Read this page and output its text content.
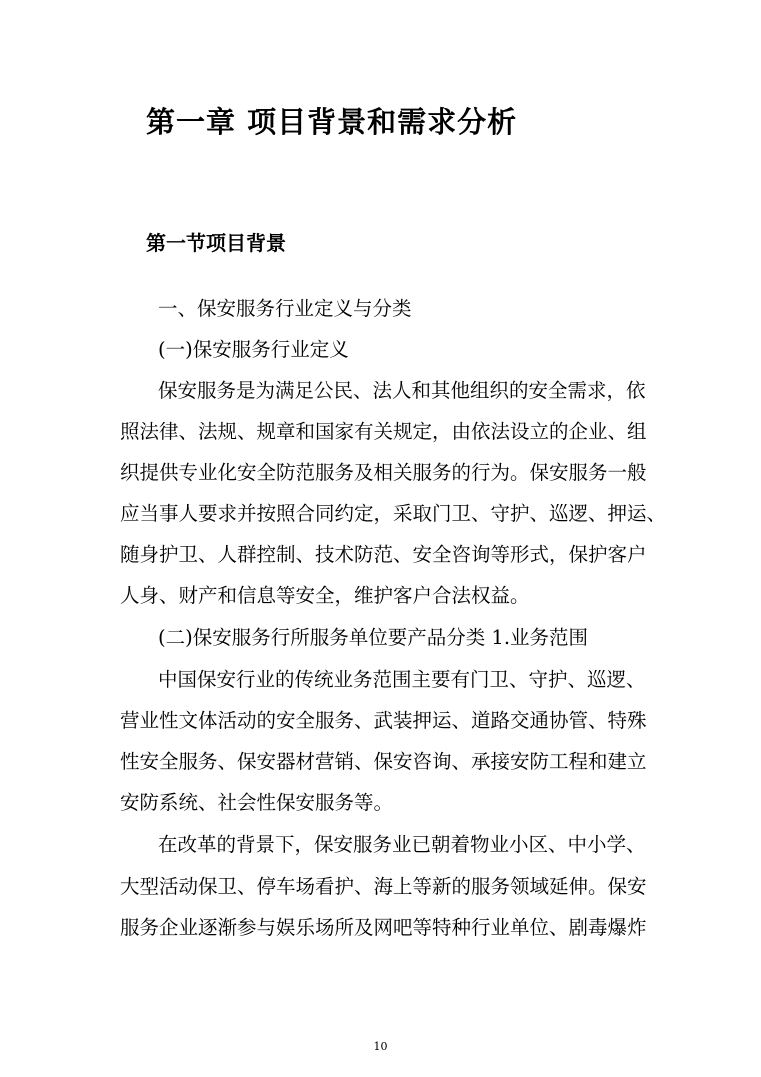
第一章 项目背景和需求分析
第一节项目背景
一、保安服务行业定义与分类
(一)保安服务行业定义
保安服务是为满足公民、法人和其他组织的安全需求，依
照法律、法规、规章和国家有关规定，由依法设立的企业、组
织提供专业化安全防范服务及相关服务的行为。保安服务一般
应当事人要求并按照合同约定，采取门卫、守护、巡逻、押运、
随身护卫、人群控制、技术防范、安全咨询等形式，保护客户
人身、财产和信息等安全，维护客户合法权益。
(二)保安服务行所服务单位要产品分类 1.业务范围
中国保安行业的传统业务范围主要有门卫、守护、巡逻、
营业性文体活动的安全服务、武装押运、道路交通协管、特殊
性安全服务、保安器材营销、保安咨询、承接安防工程和建立
安防系统、社会性保安服务等。
在改革的背景下，保安服务业已朝着物业小区、中小学、
大型活动保卫、停车场看护、海上等新的服务领域延伸。保安
服务企业逐渐参与娱乐场所及网吧等特种行业单位、剧毒爆炸
10
